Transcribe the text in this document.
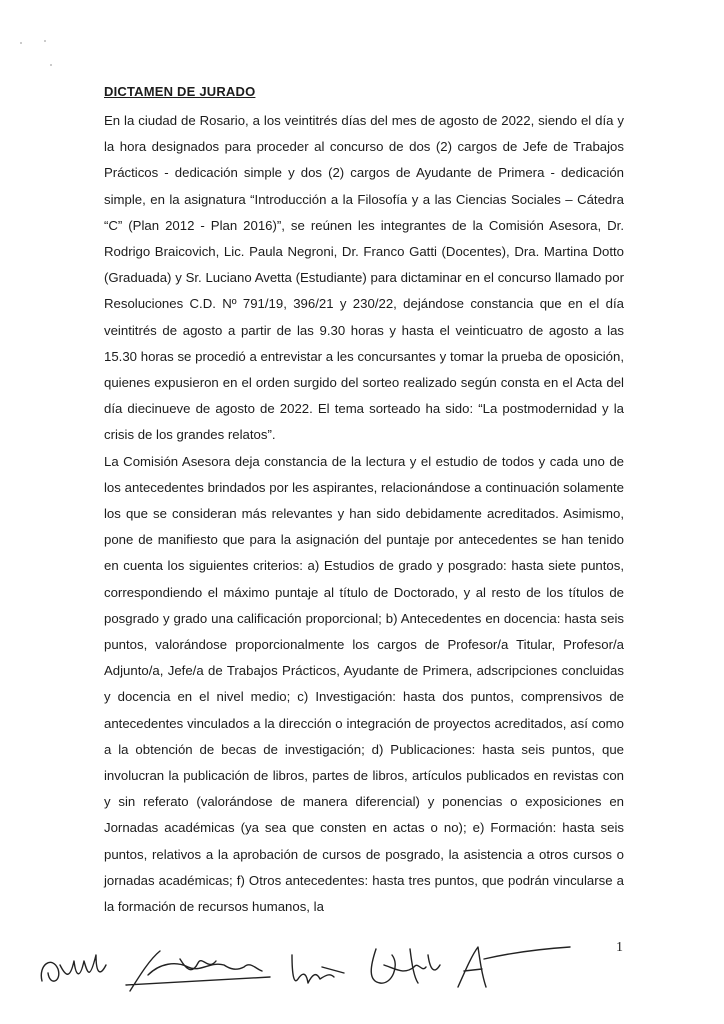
DICTAMEN DE JURADO

En la ciudad de Rosario, a los veintitrés días del mes de agosto de 2022, siendo el día y la hora designados para proceder al concurso de dos (2) cargos de Jefe de Trabajos Prácticos - dedicación simple y dos (2) cargos de Ayudante de Primera - dedicación simple, en la asignatura “Introducción a la Filosofía y a las Ciencias Sociales – Cátedra “C” (Plan 2012 - Plan 2016)”, se reúnen les integrantes de la Comisión Asesora, Dr. Rodrigo Braicovich, Lic. Paula Negroni, Dr. Franco Gatti (Docentes), Dra. Martina Dotto (Graduada) y Sr. Luciano Avetta (Estudiante) para dictaminar en el concurso llamado por Resoluciones C.D. Nº 791/19, 396/21 y 230/22, dejándose constancia que en el día veintitrés de agosto a partir de las 9.30 horas y hasta el veinticuatro de agosto a las 15.30 horas se procedió a entrevistar a les concursantes y tomar la prueba de oposición, quienes expusieron en el orden surgido del sorteo realizado según consta en el Acta del día diecinueve de agosto de 2022. El tema sorteado ha sido: “La postmodernidad y la crisis de los grandes relatos”.

La Comisión Asesora deja constancia de la lectura y el estudio de todos y cada uno de los antecedentes brindados por les aspirantes, relacionándose a continuación solamente los que se consideran más relevantes y han sido debidamente acreditados. Asimismo, pone de manifiesto que para la asignación del puntaje por antecedentes se han tenido en cuenta los siguientes criterios: a) Estudios de grado y posgrado: hasta siete puntos, correspondiendo el máximo puntaje al título de Doctorado, y al resto de los títulos de posgrado y grado una calificación proporcional; b) Antecedentes en docencia: hasta seis puntos, valorándose proporcionalmente los cargos de Profesor/a Titular, Profesor/a Adjunto/a, Jefe/a de Trabajos Prácticos, Ayudante de Primera, adscripciones concluidas y docencia en el nivel medio; c) Investigación: hasta dos puntos, comprensivos de antecedentes vinculados a la dirección o integración de proyectos acreditados, así como a la obtención de becas de investigación; d) Publicaciones: hasta seis puntos, que involucran la publicación de libros, partes de libros, artículos publicados en revistas con y sin referato (valorándose de manera diferencial) y ponencias o exposiciones en Jornadas académicas (ya sea que consten en actas o no); e) Formación: hasta seis puntos, relativos a la aprobación de cursos de posgrado, la asistencia a otros cursos o jornadas académicas; f) Otros antecedentes: hasta tres puntos, que podrán vincularse a la formación de recursos humanos, la

1
